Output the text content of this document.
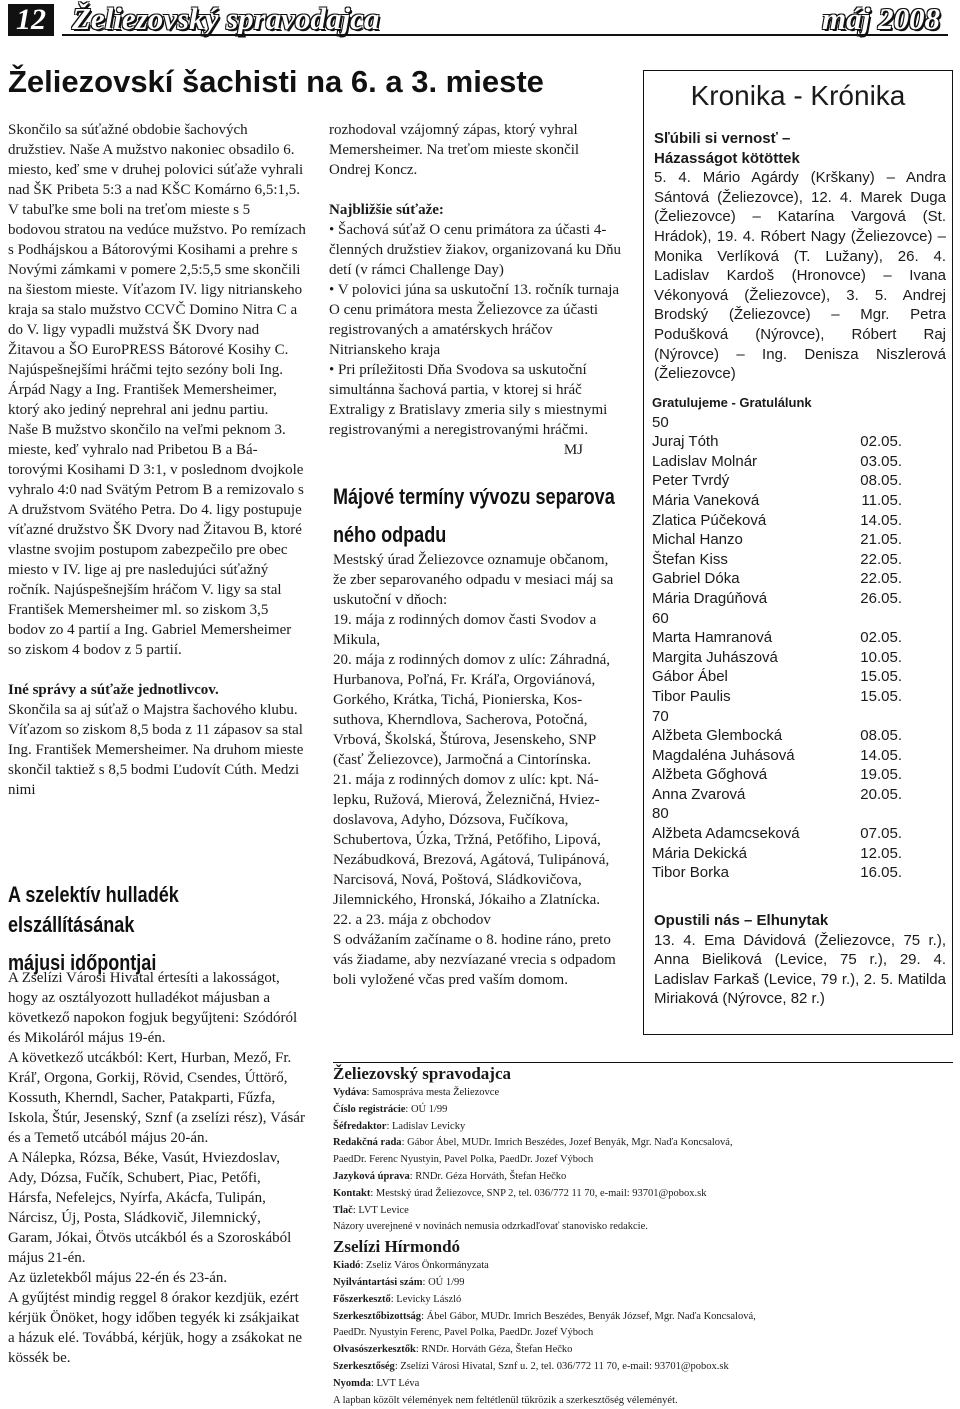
12 Želiezovský spravodajca	máj 2008
Želiezovskí šachisti na 6. a 3. mieste

Skončilo sa súťažné obdobie šachových družstiev. Naše A mužstvo nakoniec obsadilo 6. miesto, keď sme v druhej polovici súťaže vyhrali nad ŠK Pribeta 5:3 a nad KŠC Komárno 6,5:1,5. V tabuľke sme boli na treťom mieste s 5 bodovou stratou na vedúce mužstvo. Po remízach s Podhájskou a Bátorovými Kosihami a prehre s Novými zámkami v pomere 2,5:5,5 sme skončili na šiestom mieste. Víťazom IV. ligy nitrianskeho kraja sa stalo mužstvo CCVČ Domino Nitra C a do V. ligy vypadli mužstvá ŠK Dvory nad Žitavou a ŠO EuroPRESS Bátorové Kosihy C.

Najúspešnejšími hráčmi tejto sezóny boli Ing. Árpád Nagy a Ing. František Memersheimer, ktorý ako jediný neprehral ani jednu partiu.

Naše B mužstvo skončilo na veľmi peknom 3. mieste, keď vyhralo nad Pribetou B a Bátorovými Kosihami D 3:1, v poslednom dvojkole vyhralo 4:0 nad Svätým Petrom B a remizovalo s A družstvom Svätého Petra. Do 4. ligy postupuje víťazné družstvo ŠK Dvory nad Žitavou B, ktoré vlastne svojim postupom zabezpečilo pre obec miesto v IV. lige aj pre nasledujúci súťažný ročník. Najúspešnejším hráčom V. ligy sa stal František Memersheimer ml. so ziskom 3,5 bodov zo 4 partií a Ing. Gabriel Memersheimer so ziskom 4 bodov z 5 partií.

Iné správy a súťaže jednotlivcov.

Skončila sa aj súťaž o Majstra šachového klubu. Víťazom so ziskom 8,5 boda z 11 zápasov sa stal Ing. František Memersheimer. Na druhom mieste skončil taktiež s 8,5 bodmi Ľudovít Cúth. Medzi nimi

rozhodoval vzájomný zápas, ktorý vyhral Memersheimer. Na treťom mieste skončil Ondrej Koncz.

Najbližšie súťaže:

• Šachová súťaž O cenu primátora za účasti 4-členných družstiev žiakov, organizovaná ku Dňu detí (v rámci Challenge Day)

• V polovici júna sa uskutoční 13. ročník turnaja O cenu primátora mesta Želiezovce za účasti registrovaných a amatérskych hráčov Nitrianskeho kraja

• Pri príležitosti Dňa Svodova sa uskutoční simultánna šachová partia, v ktorej si hráč Extraligy z Bratislavy zmeria sily s miestnymi registrovanými a neregistrovanými hráčmi.
MJ

A szelektív hulladék elszállításának

májusi időpontjai

A Zselízi Városi Hivatal értesíti a lakosságot, hogy az osztályozott hulladékot májusban a következő napokon fogjuk begyűjteni: Szódóról és Mikoláról május 19-én.

A következő utcákból: Kert, Hurban, Mező, Fr. Kráľ, Orgona, Gorkij, Rövid, Csendes, Úttörő, Kossuth, Kherndl, Sacher, Patakparti, Fűzfa, Iskola, Štúr, Jesenský, Sznf (a zselízi rész), Vásár és a Temető utcából május 20-án.

A Nálepka, Rózsa, Béke, Vasút, Hviezdoslav, Ady, Dózsa, Fučík, Schubert, Piac, Petőfi, Hársfa, Nefelejcs, Nyírfa, Akácfa, Tulipán, Nárcisz, Új, Posta, Sládkovič, Jilemnický, Garam, Jókai, Ötvös utcákból és a Szoroskából május 21-én.

Az üzletekből május 22-én és 23-án.

A gyűjtést mindig reggel 8 órakor kezdjük, ezért kérjük Önöket, hogy időben tegyék ki zsákjaikat a házuk elé. Továbbá, kérjük, hogy a zsákokat ne kössék be.

Májové termíny vývozu separova

ného odpadu

Mestský úrad Želiezovce oznamuje občanom, že zber separovaného odpadu v mesiaci máj sa uskutoční v dňoch:

19. mája z rodinných domov časti Svodov a Mikula,

20. mája z rodinných domov z ulíc: Záhradná, Hurbanova, Poľná, Fr. Kráľa, Orgoviánová, Gorkého, Krátka, Tichá, Pionierska, Kossuthova, Kherndlova, Sacherova, Potočná, Vrbová, Školská, Štúrova, Jesenskeho, SNP (časť Želiezovce), Jarmočná a Cintorínska.

21. mája z rodinných domov z ulíc: kpt. Nálepku, Ružová, Mierová, Železničná, Hviezdoslavova, Adyho, Dózsova, Fučíkova, Schubertova, Úzka, Tržná, Petőfiho, Lipová, Nezábudková, Brezová, Agátová, Tulipánová, Narcisová, Nová, Poštová, Sládkovičova, Jilemnického, Hronská, Jókaiho a Zlatnícka.

22. a 23. mája z obchodov

S odvážaním začíname o 8. hodine ráno, preto vás žiadame, aby nezvíazané vrecia s odpadom boli vyložené včas pred vaším domom.

Kronika - Krónika

Sľúbili si vernosť –

Házasságot kötöttek

5. 4. Mário Agárdy (Krškany) – Andra Sántová (Želiezovce), 12. 4. Marek Duga (Želiezovce) – Katarína Vargová (St. Hrádok), 19. 4. Róbert Nagy (Želiezovce) – Monika Verlíková (T. Lužany), 26. 4. Ladislav Kardoš (Hronovce) – Ivana Vékonyová (Želiezovce), 3. 5. Andrej Brodský (Želiezovce) – Mgr. Petra Podušková (Nýrovce), Róbert Raj (Nýrovce) – Ing. Denisza Niszlerová (Želiezovce)

Gratulujeme - Gratulálunk

50
Juraj Tóth	02.05.
Ladislav Molnár	03.05.
Peter Tvrdý	08.05.
Mária Vaneková	11.05.
Zlatica Púčeková	14.05.
Michal Hanzo	21.05.
Štefan Kiss	22.05.
Gabriel Dóka	22.05.
Mária Dragúňová	26.05.
60
Marta Hamranová	02.05.
Margita Juhászová	10.05.
Gábor Ábel	15.05.
Tibor Paulis	15.05.
70
Alžbeta Glembocká	08.05.
Magdaléna Juhásová	14.05.
Alžbeta Gőghová	19.05.
Anna Zvarová	20.05.
80
Alžbeta Adamcseková	07.05.
Mária Dekická	12.05.
Tibor Borka	16.05.

Opustili nás – Elhunytak

13. 4. Ema Dávidová (Želiezovce, 75 r.), Anna Bieliková (Levice, 75 r.), 29. 4. Ladislav Farkaš (Levice, 79 r.), 2. 5. Matilda Miriaková (Nýrovce, 82 r.)

Želiezovský spravodajca

Vydáva: Samospráva mesta Želiezovce

Číslo registrácie: OÚ 1/99

Šéfredaktor: Ladislav Levicky

Redakčná rada: Gábor Ábel, MUDr. Imrich Beszédes, Jozef Benyák, Mgr. Naďa Koncsalová,

PaedDr. Ferenc Nyustyin, Pavel Polka, PaedDr. Jozef Výboch

Jazyková úprava: RNDr. Géza Horváth, Štefan Hečko

Kontakt: Mestský úrad Želiezovce, SNP 2, tel. 036/772 11 70, e-mail: 93701@pobox.sk

Tlač: LVT Levice

Názory uverejnené v novinách nemusia odzrkadľovať stanovisko redakcie.

Zselízi Hírmondó

Kiadó: Zselíz Város Önkormányzata

Nyilvántartási szám: OÚ 1/99

Főszerkesztő: Levicky László

Szerkesztőbizottság: Ábel Gábor, MUDr. Imrich Beszédes, Benyák József, Mgr. Naďa Koncsalová,

PaedDr. Nyustyin Ferenc, Pavel Polka, PaedDr. Jozef Výboch

Olvasószerkesztők: RNDr. Horváth Géza, Štefan Hečko

Szerkesztőség: Zselízi Városi Hivatal, Sznf u. 2, tel. 036/772 11 70, e-mail: 93701@pobox.sk

Nyomda: LVT Léva

A lapban közölt vélemények nem feltétlenül tükrözik a szerkesztőség véleményét.
